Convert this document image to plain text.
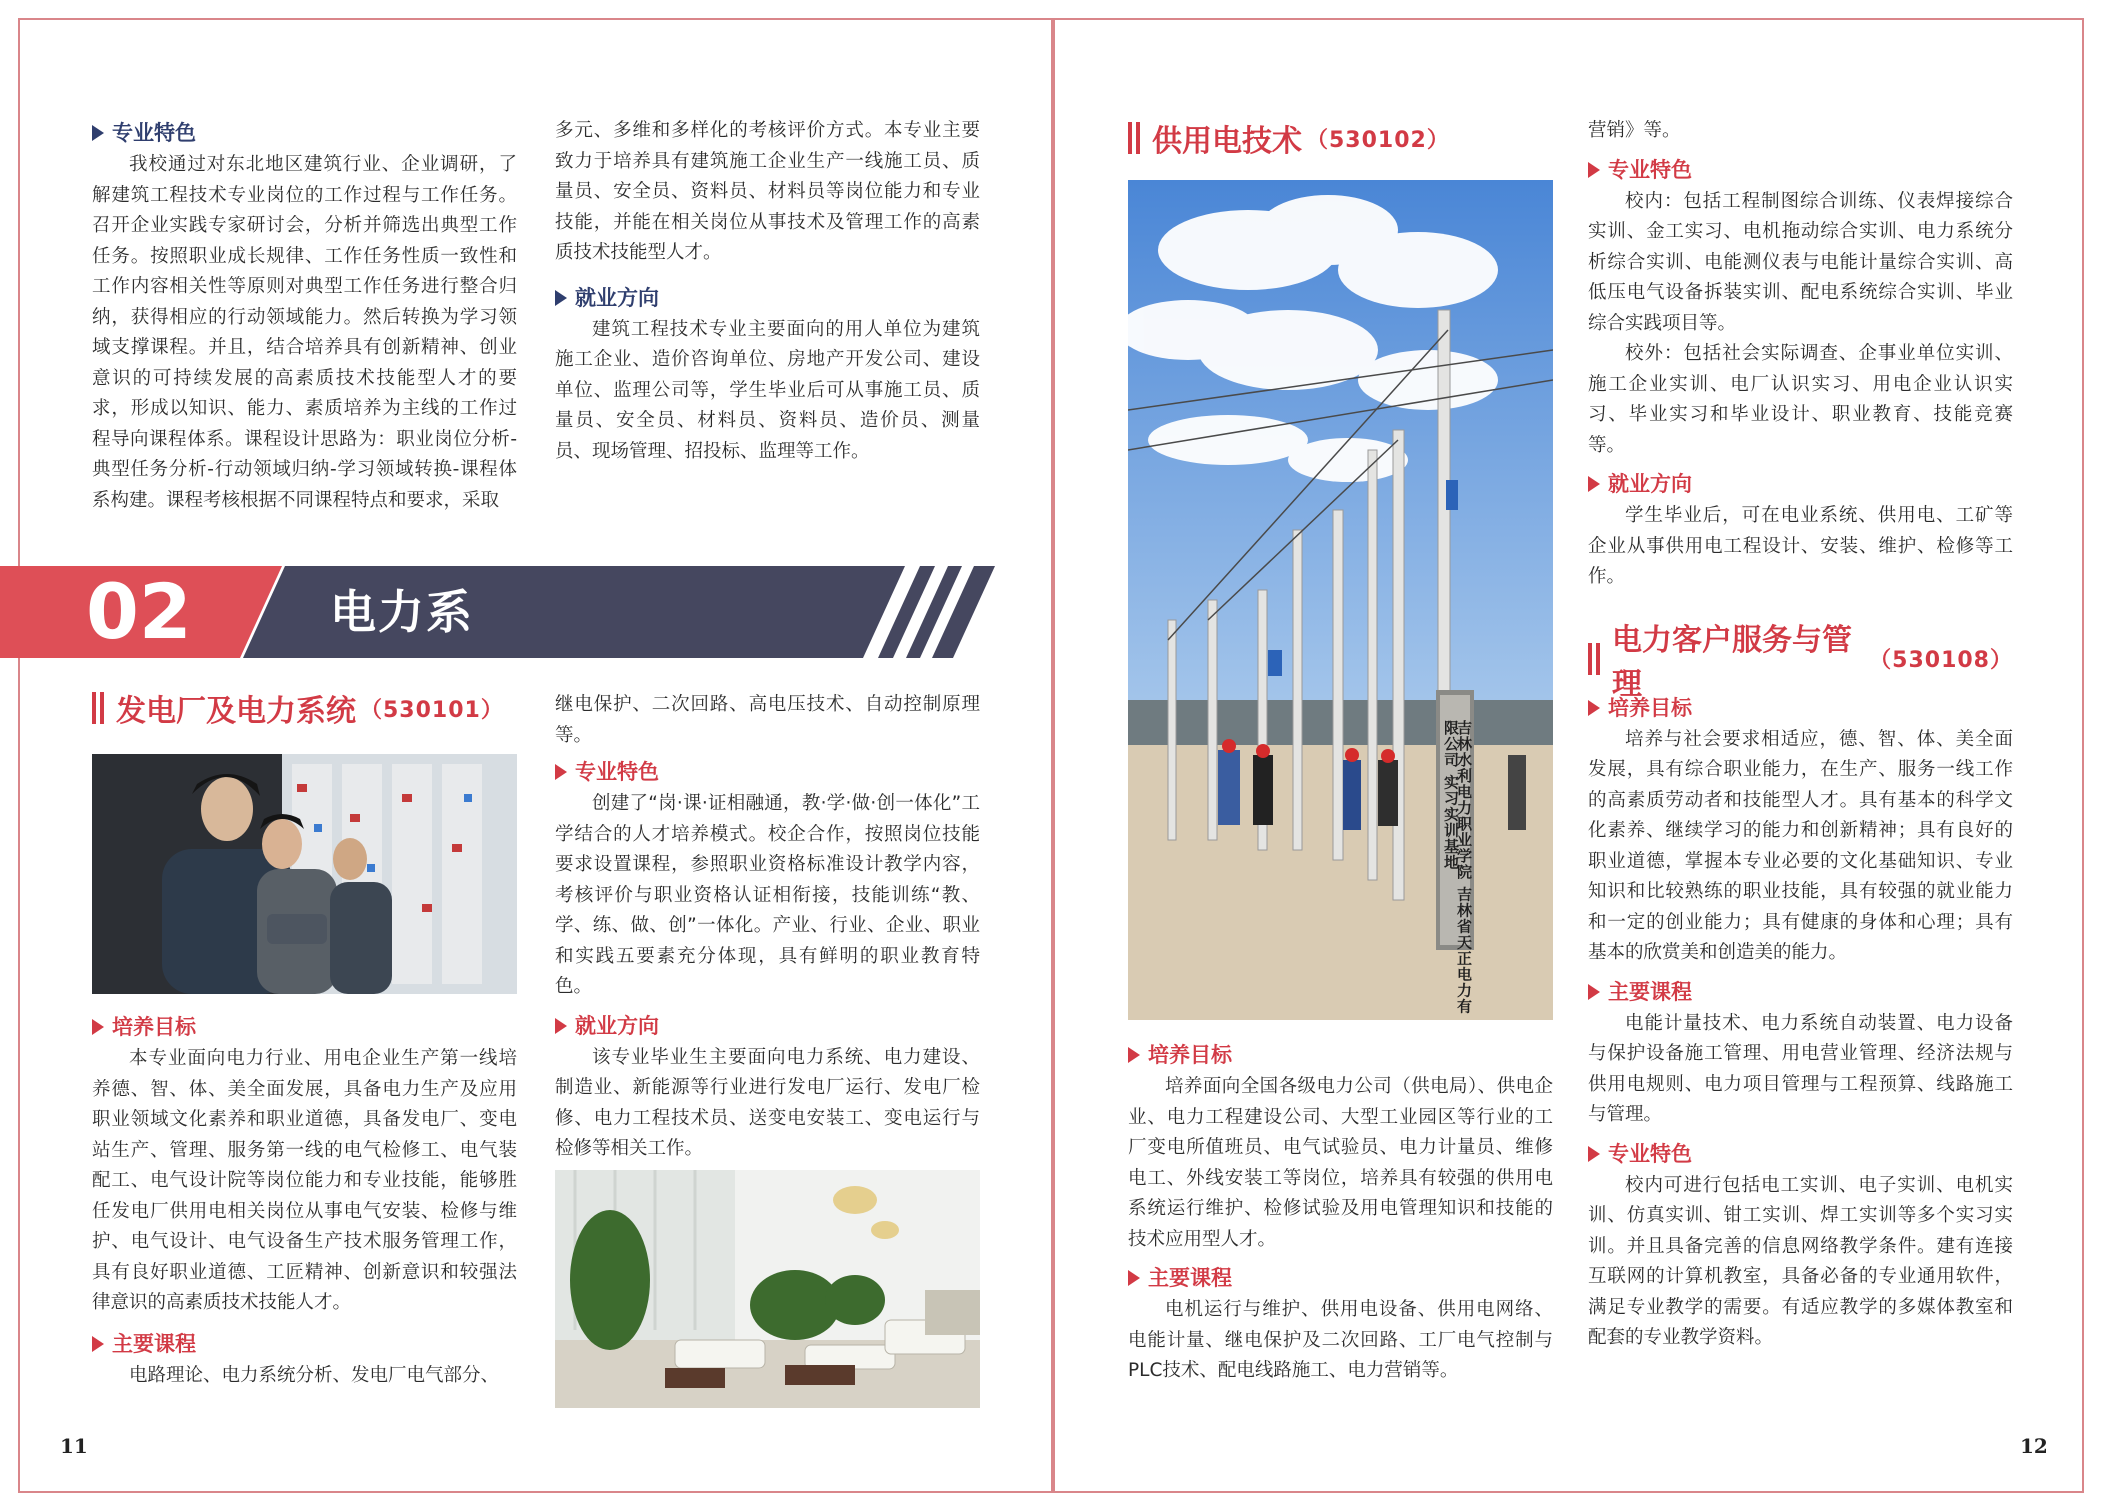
专业特色

我校通过对东北地区建筑行业、企业调研，了解建筑工程技术专业岗位的工作过程与工作任务。召开企业实践专家研讨会，分析并筛选出典型工作任务。按照职业成长规律、工作任务性质一致性和工作内容相关性等原则对典型工作任务进行整合归纳，获得相应的行动领域能力。然后转换为学习领域支撑课程。并且，结合培养具有创新精神、创业意识的可持续发展的高素质技术技能型人才的要求，形成以知识、能力、素质培养为主线的工作过程导向课程体系。课程设计思路为：职业岗位分析-典型任务分析-行动领域归纳-学习领域转换-课程体系构建。课程考核根据不同课程特点和要求，采取

多元、多维和多样化的考核评价方式。本专业主要致力于培养具有建筑施工企业生产一线施工员、质量员、安全员、资料员、材料员等岗位能力和专业技能，并能在相关岗位从事技术及管理工作的高素质技术技能型人才。

就业方向

建筑工程技术专业主要面向的用人单位为建筑施工企业、造价咨询单位、房地产开发公司、建设单位、监理公司等，学生毕业后可从事施工员、质量员、安全员、材料员、资料员、造价员、测量员、现场管理、招投标、监理等工作。

02	电力系
发电厂及电力系统 （530101）
培养目标

本专业面向电力行业、用电企业生产第一线培养德、智、体、美全面发展，具备电力生产及应用职业领域文化素养和职业道德，具备发电厂、变电站生产、管理、服务第一线的电气检修工、电气装配工、电气设计院等岗位能力和专业技能，能够胜任发电厂供用电相关岗位从事电气安装、检修与维护、电气设计、电气设备生产技术服务管理工作，具有良好职业道德、工匠精神、创新意识和较强法律意识的高素质技术技能人才。

主要课程

电路理论、电力系统分析、发电厂电气部分、

继电保护、二次回路、高电压技术、自动控制原理等。

专业特色

创建了“岗·课·证相融通，教·学·做·创一体化”工学结合的人才培养模式。校企合作，按照岗位技能要求设置课程，参照职业资格标准设计教学内容，考核评价与职业资格认证相衔接，技能训练“教、学、练、做、创”一体化。产业、行业、企业、职业和实践五要素充分体现，具有鲜明的职业教育特色。

就业方向

该专业毕业生主要面向电力系统、电力建设、制造业、新能源等行业进行发电厂运行、发电厂检修、电力工程技术员、送变电安装工、变电运行与检修等相关工作。

11
供用电技术 （530102）
吉林水利电力职业学院 吉林省天正电力有限公司 实习实训基地
培养目标

培养面向全国各级电力公司（供电局）、供电企业、电力工程建设公司、大型工业园区等行业的工厂变电所值班员、电气试验员、电力计量员、维修电工、外线安装工等岗位，培养具有较强的供用电系统运行维护、检修试验及用电管理知识和技能的技术应用型人才。

主要课程

电机运行与维护、供用电设备、供用电网络、电能计量、继电保护及二次回路、工厂电气控制与PLC技术、配电线路施工、电力营销等。

营销》等。

专业特色

校内：包括工程制图综合训练、仪表焊接综合实训、金工实习、电机拖动综合实训、电力系统分析综合实训、电能测仪表与电能计量综合实训、高低压电气设备拆装实训、配电系统综合实训、毕业综合实践项目等。

校外：包括社会实际调查、企事业单位实训、施工企业实训、电厂认识实习、用电企业认识实习、毕业实习和毕业设计、职业教育、技能竞赛等。

就业方向

学生毕业后，可在电业系统、供用电、工矿等企业从事供用电工程设计、安装、维护、检修等工作。

电力客户服务与管理
（530108）
培养目标

培养与社会要求相适应，德、智、体、美全面发展，具有综合职业能力，在生产、服务一线工作的高素质劳动者和技能型人才。具有基本的科学文化素养、继续学习的能力和创新精神；具有良好的职业道德，掌握本专业必要的文化基础知识、专业知识和比较熟练的职业技能，具有较强的就业能力和一定的创业能力；具有健康的身体和心理；具有基本的欣赏美和创造美的能力。

主要课程

电能计量技术、电力系统自动装置、电力设备与保护设备施工管理、用电营业管理、经济法规与供用电规则、电力项目管理与工程预算、线路施工与管理。

专业特色

校内可进行包括电工实训、电子实训、电机实训、仿真实训、钳工实训、焊工实训等多个实习实训。并且具备完善的信息网络教学条件。建有连接互联网的计算机教室，具备必备的专业通用软件，满足专业教学的需要。有适应教学的多媒体教室和配套的专业教学资料。

12
